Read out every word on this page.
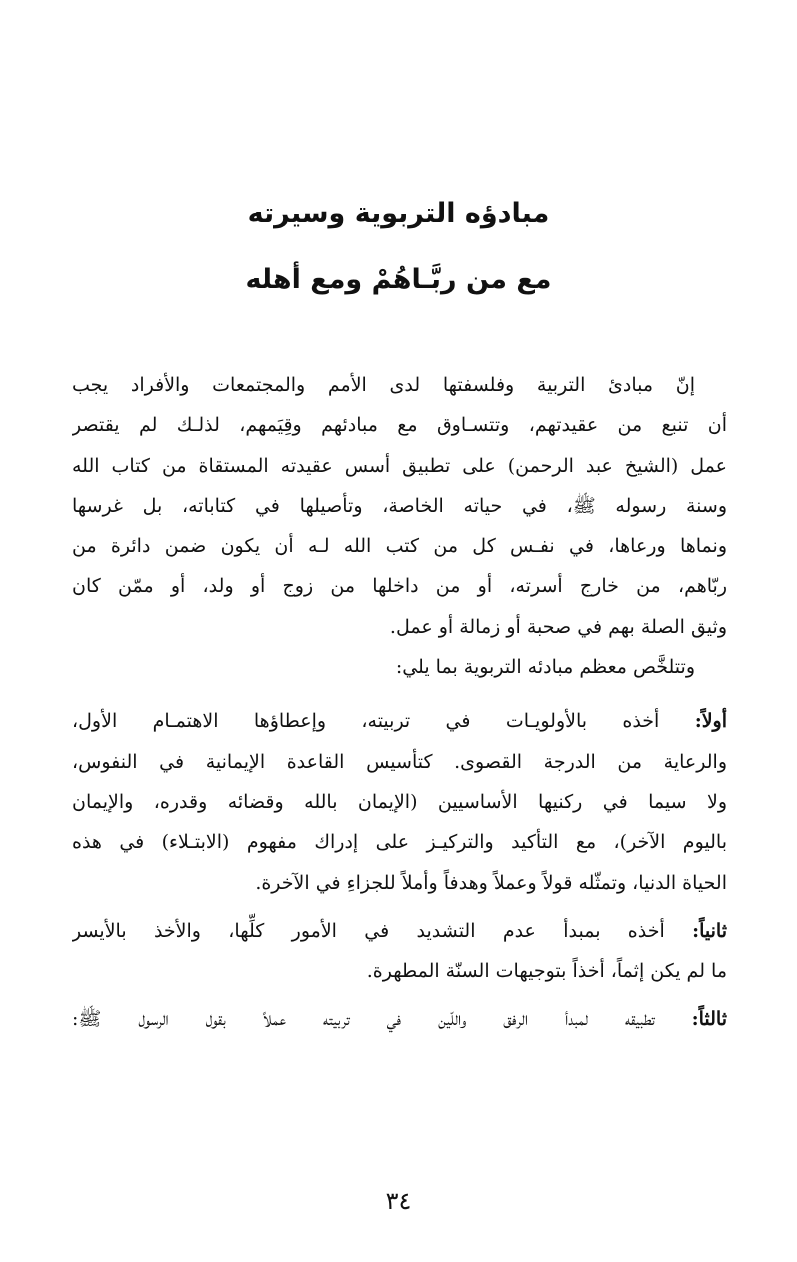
مبادؤه التربوية وسيرته
مع من ربَّـاهُمْ ومع أهله

إنّ مبادئ التربية وفلسفتها لدى الأمم والمجتمعات والأفراد يجب
أن تنبع من عقيدتهم، وتتسـاوق مع مبادئهم وقِيَمهم، لذلـك لم يقتصر
عمل (الشيخ عبد الرحمن) على تطبيق أسس عقيدته المستقاة من كتاب الله
وسنة رسوله ﷺ، في حياته الخاصة، وتأصيلها في كتاباته، بل غرسها
ونماها ورعاها، في نفـس كل من كتب الله لـه أن يكون ضمن دائرة من
ربّاهم، من خارج أسرته، أو من داخلها من زوج أو ولد، أو ممّن كان
وثيق الصلة بهم في صحبة أو زمالة أو عمل.

وتتلخَّص معظم مبادئه التربوية بما يلي:

أولاً: أخذه بالأولويـات في تربيته، وإعطاؤها الاهتمـام الأول،
والرعاية من الدرجة القصوى. كتأسيس القاعدة الإيمانية في النفوس،
ولا سيما في ركنيها الأساسيين (الإيمان بالله وقضائه وقدره، والإيمان
باليوم الآخر)، مع التأكيد والتركيـز على إدراك مفهوم (الابتـلاء) في هذه
الحياة الدنيا، وتمثّله قولاً وعملاً وهدفاً وأملاً للجزاءِ في الآخرة.

ثانياً: أخذه بمبدأ عدم التشديد في الأمور كلِّها، والأخذ بالأيسر
ما لم يكن إثماً، أخذاً بتوجيهات السنّة المطهرة.

ثالثاً: تطبيقه لمبدأ الرفق واللّين في تربيته عملاً بقول الرسول ﷺ:

٣٤
